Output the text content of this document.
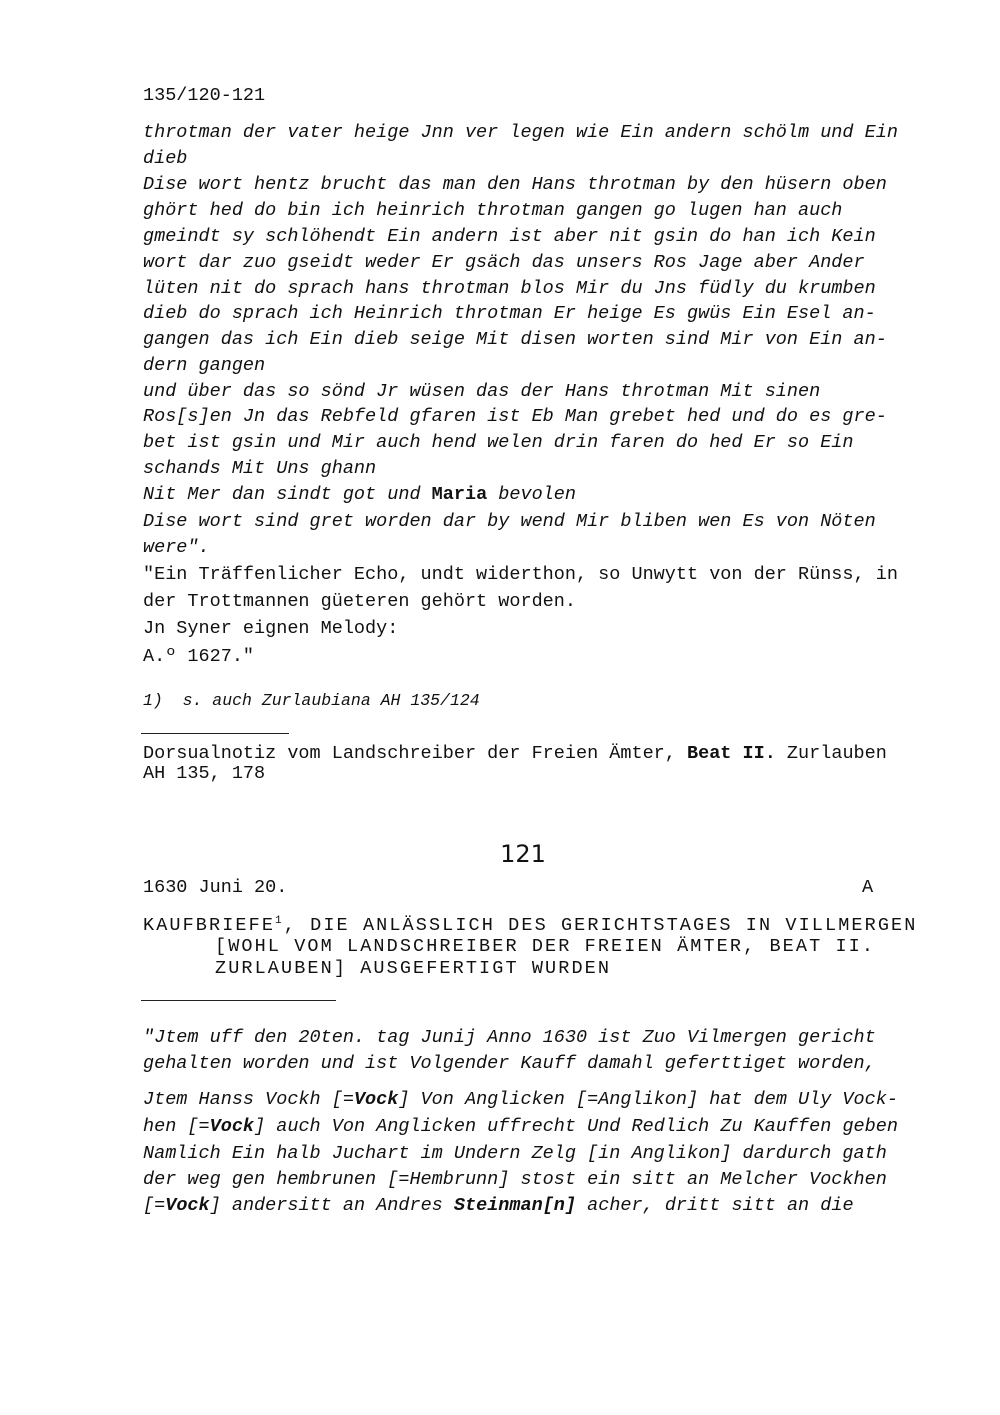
135/120-121
throtman der vater heige Jnn ver legen wie Ein andern schölm und Ein
dieb
Dise wort hentz brucht das man den Hans throtman by den hüsern oben
ghört hed do bin ich heinrich throtman gangen go lugen han auch
gmeindt sy schlöhendt Ein andern ist aber nit gsin do han ich Kein
wort dar zuo gseidt weder Er gsäch das unsers Ros Jage aber Ander
lüten nit do sprach hans throtman blos Mir du Jns füdly du krumben
dieb do sprach ich Heinrich throtman Er heige Es gwüs Ein Esel an-
gangen das ich Ein dieb seige Mit disen worten sind Mir von Ein an-
dern gangen
und über das so sönd Jr wüsen das der Hans throtman Mit sinen
Ros[s]en Jn das Rebfeld gfaren ist Eb Man grebet hed und do es gre-
bet ist gsin und Mir auch hend welen drin faren do hed Er so Ein
schands Mit Uns ghann
Nit Mer dan sindt got und Maria bevolen
Dise wort sind gret worden dar by wend Mir bliben wen Es von Nöten
were".
"Ein Träffenlicher Echo, undt widerthon, so Unwytt von der Rünss, in
der Trottmannen güeteren gehört worden.
Jn Syner eignen Melody:
A.º 1627."
1)  s. auch Zurlaubiana AH 135/124
Dorsualnotiz vom Landschreiber der Freien Ämter, Beat II. Zurlauben
AH 135, 178
121
1630 Juni 20.	A
KAUFBRIEFE$^1$, DIE ANLÄSSLICH DES GERICHTSTAGES IN VILLMERGEN
[WOHL VOM LANDSCHREIBER DER FREIEN ÄMTER, BEAT II.
ZURLAUBEN] AUSGEFERTIGT WURDEN
"Jtem uff den 20ten. tag Junij Anno 1630 ist Zuo Vilmergen gericht
gehalten worden und ist Volgender Kauff damahl geferttiget worden,
Jtem Hanss Vockh [=Vock] Von Anglicken [=Anglikon] hat dem Uly Vock-
hen [=Vock] auch Von Anglicken uffrecht Und Redlich Zu Kauffen geben
Namlich Ein halb Juchart im Undern Zelg [in Anglikon] dardurch gath
der weg gen hembrunen [=Hembrunn] stost ein sitt an Melcher Vockhen
[=Vock] andersitt an Andres Steinman[n] acher, dritt sitt an die
